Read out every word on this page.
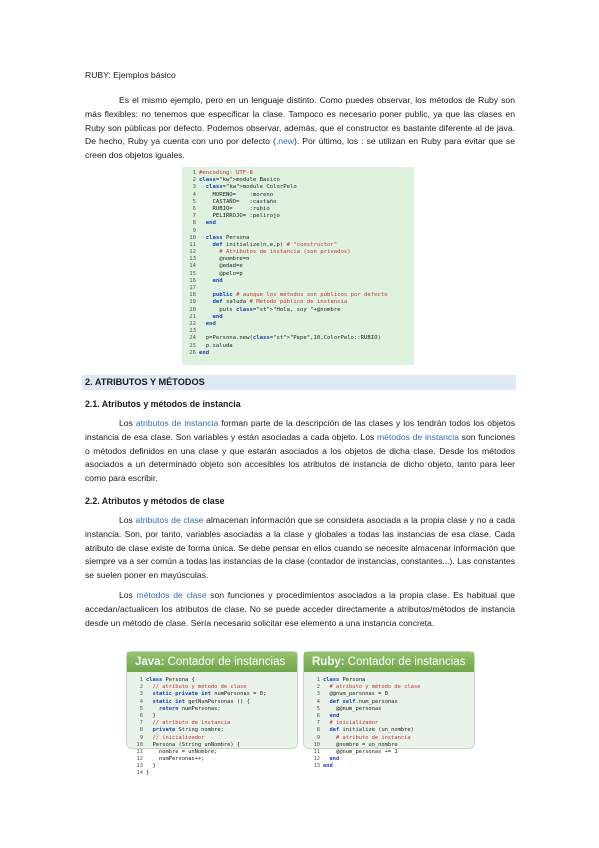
RUBY: Ejemplos básico
Es el mismo ejemplo, pero en un lenguaje distinto. Como puedes observar, los métodos de Ruby son más flexibles: no tenemos que especificar la clase. Tampoco es necesario poner public, ya que las clases en Ruby son públicas por defecto. Podemos observar, además, que el constructor es bastante diferente al de java. De hecho, Ruby ya cuenta con uno por defecto (.new). Por último, los : se utilizan en Ruby para evitar que se creen dos objetos iguales.
1 #encoding: UTF-8
2 class="kw">module Basico
3 class="kw">module ColorPelo
4    MORENO=    :moreno
5    CASTAÑO=   :castaño
6    RUBIO=     :rubio
7    PELIRROJO= :pelirojo
8 end
9
10 class Persona
11	def initialize(n,e,p) # "constructor"
12	# Atributos de instancia (son privados)
13      @nombre=n
14      @edad=e
15      @pelo=p
16	end
17
18	public # aunque los métodos son públicos por defecto
19	def saluda # Método público de instancia
20      puts class="st">"Hola, soy "+@nombre
21	end
22 end
23
24  p=Persona.new(class="st">"Pepe",10,ColorPelo::RUBIO)
25  p.saluda
26 end
2. ATRIBUTOS Y MÉTODOS
2.1. Atributos y métodos de instancia
Los atributos de instancia forman parte de la descripción de las clases y los tendrán todos los objetos instancia de esa clase. Son variables y están asociadas a cada objeto. Los métodos de instancia son funciones o métodos definidos en una clase y que estarán asociados a los objetos de dicha clase. Desde los métodos asociados a un determinado objeto son accesibles los atributos de instancia de dicho objeto, tanto para leer como para escribir.
2.2. Atributos y métodos de clase
Los atributos de clase almacenan información que se considera asociada a la propia clase y no a cada instancia. Son, por tanto, variables asociadas a la clase y globales a todas las instancias de esa clase. Cada atributo de clase existe de forma única. Se debe pensar en ellos cuando se necesite almacenar información que siempre va a ser común a todas las instancias de la clase (contador de instancias, constantes...). Las constantes se suelen poner en mayúsculas.
Los métodos de clase son funciones y procedimientos asociados a la propia clase. Es habitual que accedan/actualicen los atributos de clase. No se puede acceder directamente a atributos/métodos de instancia desde un método de clase. Sería necesario solicitar ese elemento a una instancia concreta.
Java: Contador de instancias
1 class Persona {
2 // atributo y método de clase
3 static private int numPersonas = 0;
4 static int getNumPersonas () {
5	return numPersonas;
6  }
7 // atributo de instancia
8 private String nombre;
9 // inicializador
10  Persona (String unNombre) {
11    nombre = unNombre;
12    numPersonas++;
13  }
14 }
Ruby: Contador de instancias
1 class Persona
2 # atributo y método de clase
3  @@num_personas = 0
4 def self.num_personas
5    @@num_personas
6 end
7 # inicializador
8 def initialize (un_nombre)
9	# atributo de instancia
10    @nombre = un_nombre
11    @@num_personas += 1
12 end
13 end
